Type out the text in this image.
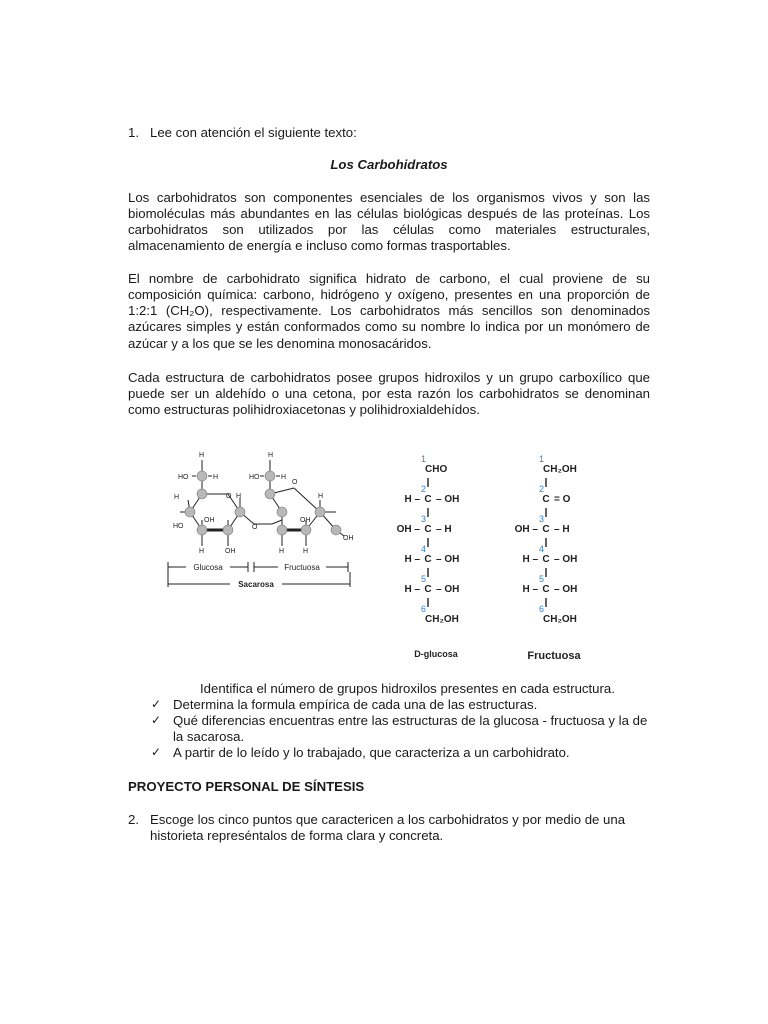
1. Lee con atención el siguiente texto:
Los Carbohidratos
Los carbohidratos son componentes esenciales de los organismos vivos y son las
biomoléculas más abundantes en las células biológicas después de las proteínas. Los
carbohidratos son utilizados por las células como materiales estructurales,
almacenamiento de energía e incluso como formas trasportables.
El nombre de carbohidrato significa hidrato de carbono, el cual proviene de su
composición química: carbono, hidrógeno y oxígeno, presentes en una proporción de
1:2:1 (CH₂O), respectivamente. Los carbohidratos más sencillos son denominados
azúcares simples y están conformados como su nombre lo indica por un monómero de
azúcar y a los que se les denomina monosacáridos.
Cada estructura de carbohidratos posee grupos hidroxilos y un grupo carboxílico que
puede ser un aldehído o una cetona, por esta razón los carbohidratos se denominan
como estructuras polihidroxiacetonas y polihidroxialdehídos.
H
HO	H
H	O
HO
OH
H
H	OH
O
H
HO	H
O
OH
H
H	H
OH
Glucosa	Fructuosa
Sacarosa
1
CHO
2
C
H – – OH
3
C
OH – – H
4
C
H – – OH
5
C
H – – OH
6
CH₂OH
D-glucosa
1
CH₂OH
2
C = O
3
C
OH – – H
4
C
H – – OH
5
C
H – – OH
6
CH₂OH
Fructuosa
Identifica el número de grupos hidroxilos presentes en cada estructura.
✓ Determina la formula empírica de cada una de las estructuras.
✓ Qué diferencias encuentras entre las estructuras de la glucosa - fructuosa y la de
la sacarosa.
✓ A partir de lo leído y lo trabajado, que caracteriza a un carbohidrato.
PROYECTO PERSONAL DE SÍNTESIS
2. Escoge los cinco puntos que caractericen a los carbohidratos y por medio de una
historieta represéntalos de forma clara y concreta.
